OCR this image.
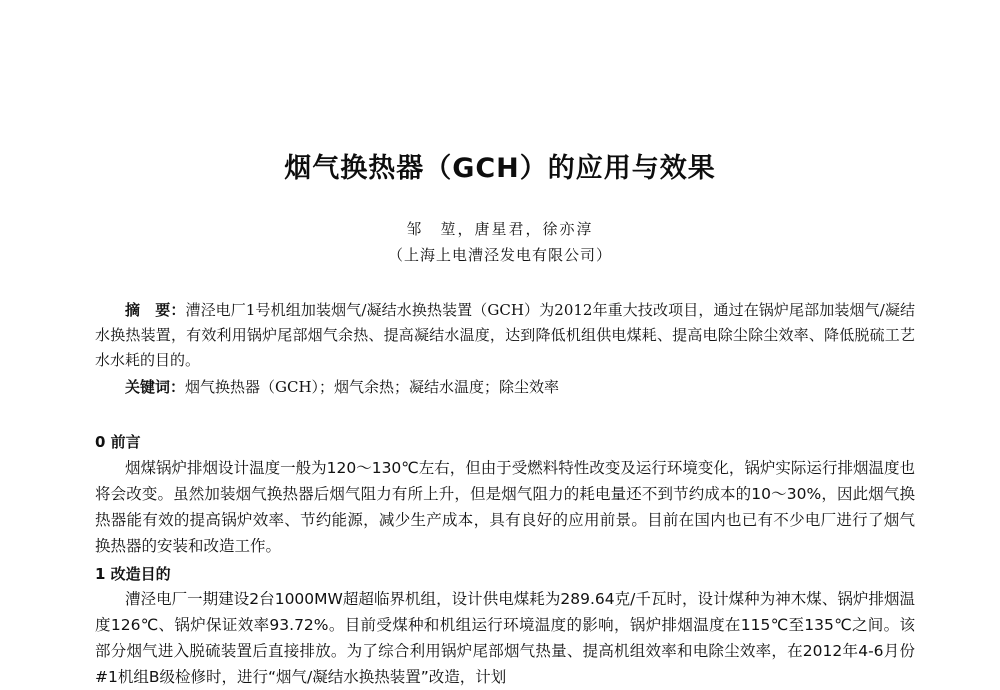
烟气换热器（GCH）的应用与效果
邹　堃，唐星君，徐亦淳
（上海上电漕泾发电有限公司）
摘　要：漕泾电厂1号机组加装烟气/凝结水换热装置（GCH）为2012年重大技改项目，通过在锅炉尾部加装烟气/凝结水换热装置，有效利用锅炉尾部烟气余热、提高凝结水温度，达到降低机组供电煤耗、提高电除尘除尘效率、降低脱硫工艺水水耗的目的。
关键词：烟气换热器（GCH）；烟气余热；凝结水温度；除尘效率
0 前言
烟煤锅炉排烟设计温度一般为120～130℃左右，但由于受燃料特性改变及运行环境变化，锅炉实际运行排烟温度也将会改变。虽然加装烟气换热器后烟气阻力有所上升，但是烟气阻力的耗电量还不到节约成本的10～30%，因此烟气换热器能有效的提高锅炉效率、节约能源，减少生产成本，具有良好的应用前景。目前在国内也已有不少电厂进行了烟气换热器的安装和改造工作。
1 改造目的
漕泾电厂一期建设2台1000MW超超临界机组，设计供电煤耗为289.64克/千瓦时，设计煤种为神木煤、锅炉排烟温度126℃、锅炉保证效率93.72%。目前受煤种和机组运行环境温度的影响，锅炉排烟温度在115℃至135℃之间。该部分烟气进入脱硫装置后直接排放。为了综合利用锅炉尾部烟气热量、提高机组效率和电除尘效率，在2012年4-6月份#1机组B级检修时，进行“烟气/凝结水换热装置”改造，计划
